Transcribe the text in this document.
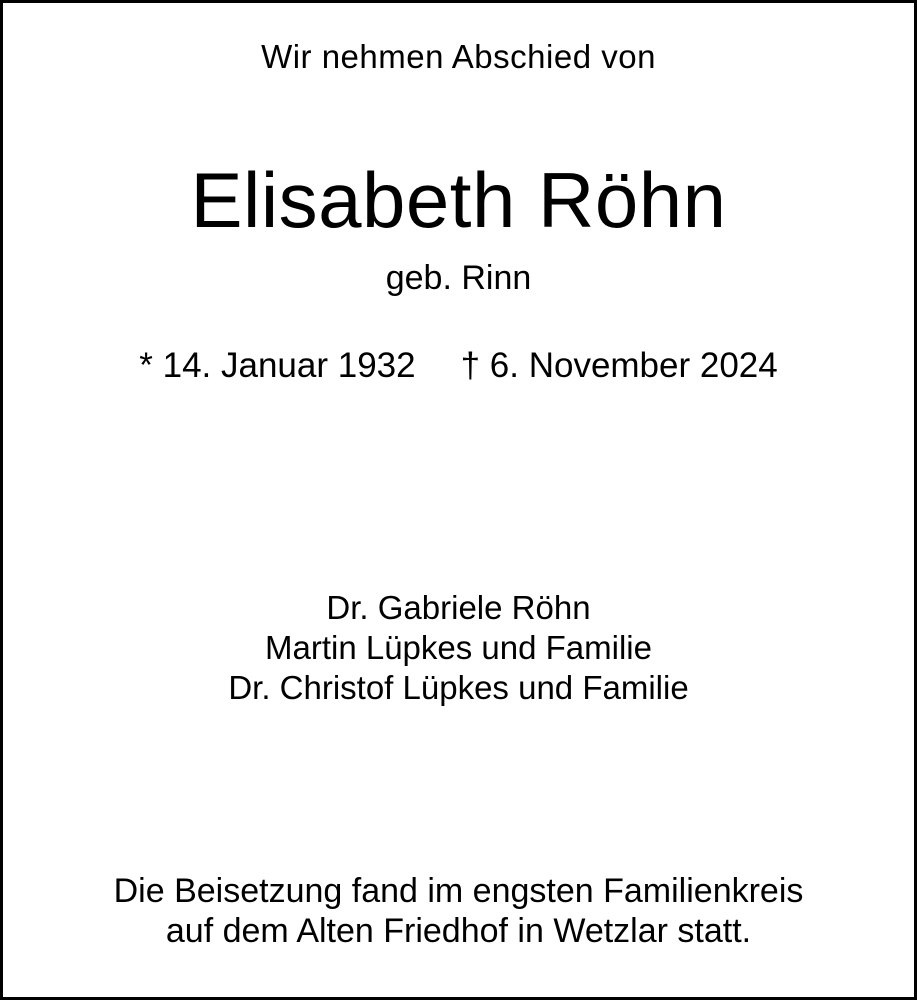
Wir nehmen Abschied von
Elisabeth Röhn
geb. Rinn
* 14. Januar 1932 † 6. November 2024
Dr. Gabriele Röhn
Martin Lüpkes und Familie
Dr. Christof Lüpkes und Familie
Die Beisetzung fand im engsten Familienkreis
auf dem Alten Friedhof in Wetzlar statt.
